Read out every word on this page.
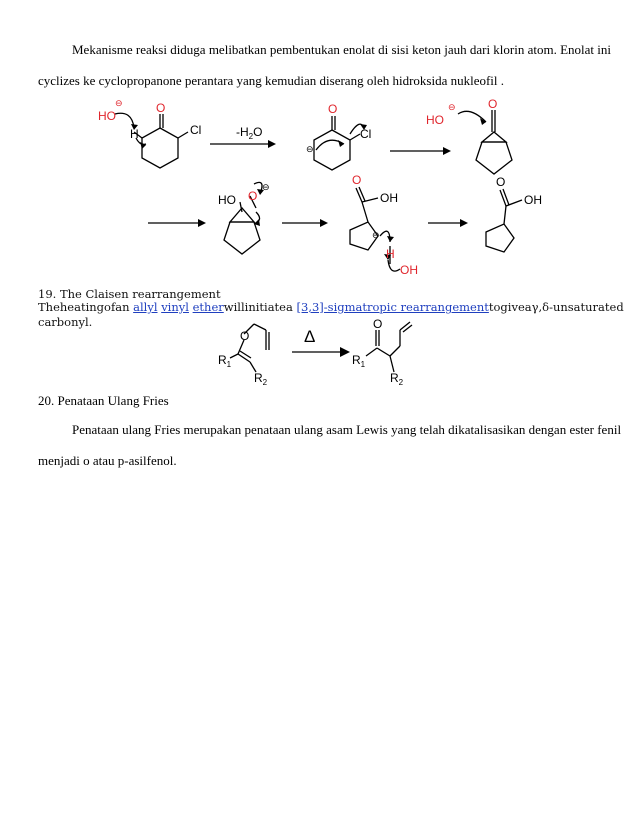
Mekanisme reaksi diduga melibatkan pembentukan enolat di sisi keton jauh dari klorin atom. Enolat ini
cyclizes ke cyclopropanone perantara yang kemudian diserang oleh hidroksida nukleofil .

HO
⊖
H
O
Cl	$-H_2O$
O
⊖
Cl
HO
⊖	O
HO O
⊖	O
OH
⊖
H
OH
O
OH
19. The Claisen rearrangement
The heating of an allyl vinyl ether will initiate a [3,3]-sigmatropic rearrangement to give a γ,δ-unsaturated
carbonyl.
O
$R_1$
$R_2$
Δ
O
$R_1$
$R_2$
20. Penataan Ulang Fries

Penataan ulang Fries merupakan penataan ulang asam Lewis yang telah dikatalisasikan dengan ester fenil
menjadi o atau p-asilfenol.
